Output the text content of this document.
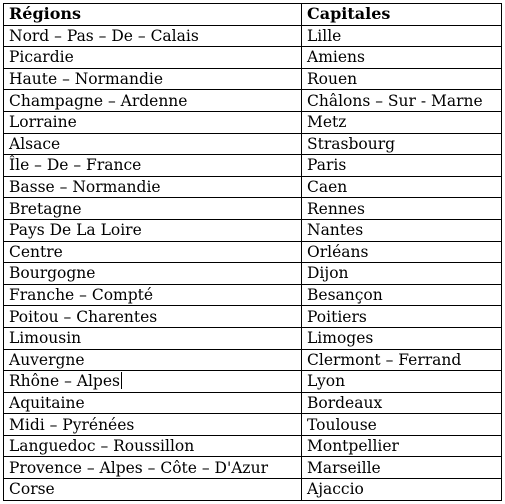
Régions	Capitales
Nord – Pas – De – Calais	Lille
Picardie	Amiens
Haute – Normandie	Rouen
Champagne – Ardenne	Châlons – Sur - Marne
Lorraine	Metz
Alsace	Strasbourg
Île – De – France	Paris
Basse – Normandie	Caen
Bretagne	Rennes
Pays De La Loire	Nantes
Centre	Orléans
Bourgogne	Dijon
Franche – Compté	Besançon
Poitou – Charentes	Poitiers
Limousin	Limoges
Auvergne	Clermont – Ferrand
Rhône – Alpes	Lyon
Aquitaine	Bordeaux
Midi – Pyrénées	Toulouse
Languedoc – Roussillon	Montpellier
Provence – Alpes – Côte – D'Azur	Marseille
Corse	Ajaccio
